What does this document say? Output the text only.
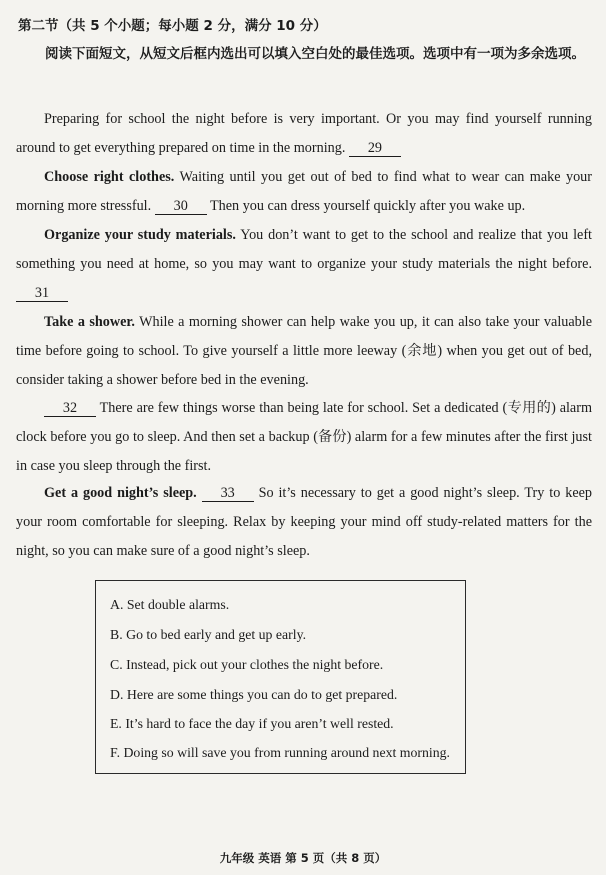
第二节（共 5 个小题；每小题 2 分，满分 10 分）
阅读下面短文，从短文后框内选出可以填入空白处的最佳选项。选项中有一项为多余选项。
Preparing for school the night before is very important. Or you may find yourself running around to get everything prepared on time in the morning. 29
Choose right clothes. Waiting until you get out of bed to find what to wear can make your morning more stressful. 30 Then you can dress yourself quickly after you wake up.
Organize your study materials. You don’t want to get to the school and realize that you left something you need at home, so you may want to organize your study materials the night before. 31
Take a shower. While a morning shower can help wake you up, it can also take your valuable time before going to school. To give yourself a little more leeway (余地) when you get out of bed, consider taking a shower before bed in the evening.
32 There are few things worse than being late for school. Set a dedicated (专用的) alarm clock before you go to sleep. And then set a backup (备份) alarm for a few minutes after the first just in case you sleep through the first.
Get a good night’s sleep. 33 So it’s necessary to get a good night’s sleep. Try to keep your room comfortable for sleeping. Relax by keeping your mind off study-related matters for the night, so you can make sure of a good night’s sleep.
A. Set double alarms.
B. Go to bed early and get up early.
C. Instead, pick out your clothes the night before.
D. Here are some things you can do to get prepared.
E. It’s hard to face the day if you aren’t well rested.
F. Doing so will save you from running around next morning.
九年级 英语 第 5 页（共 8 页）
